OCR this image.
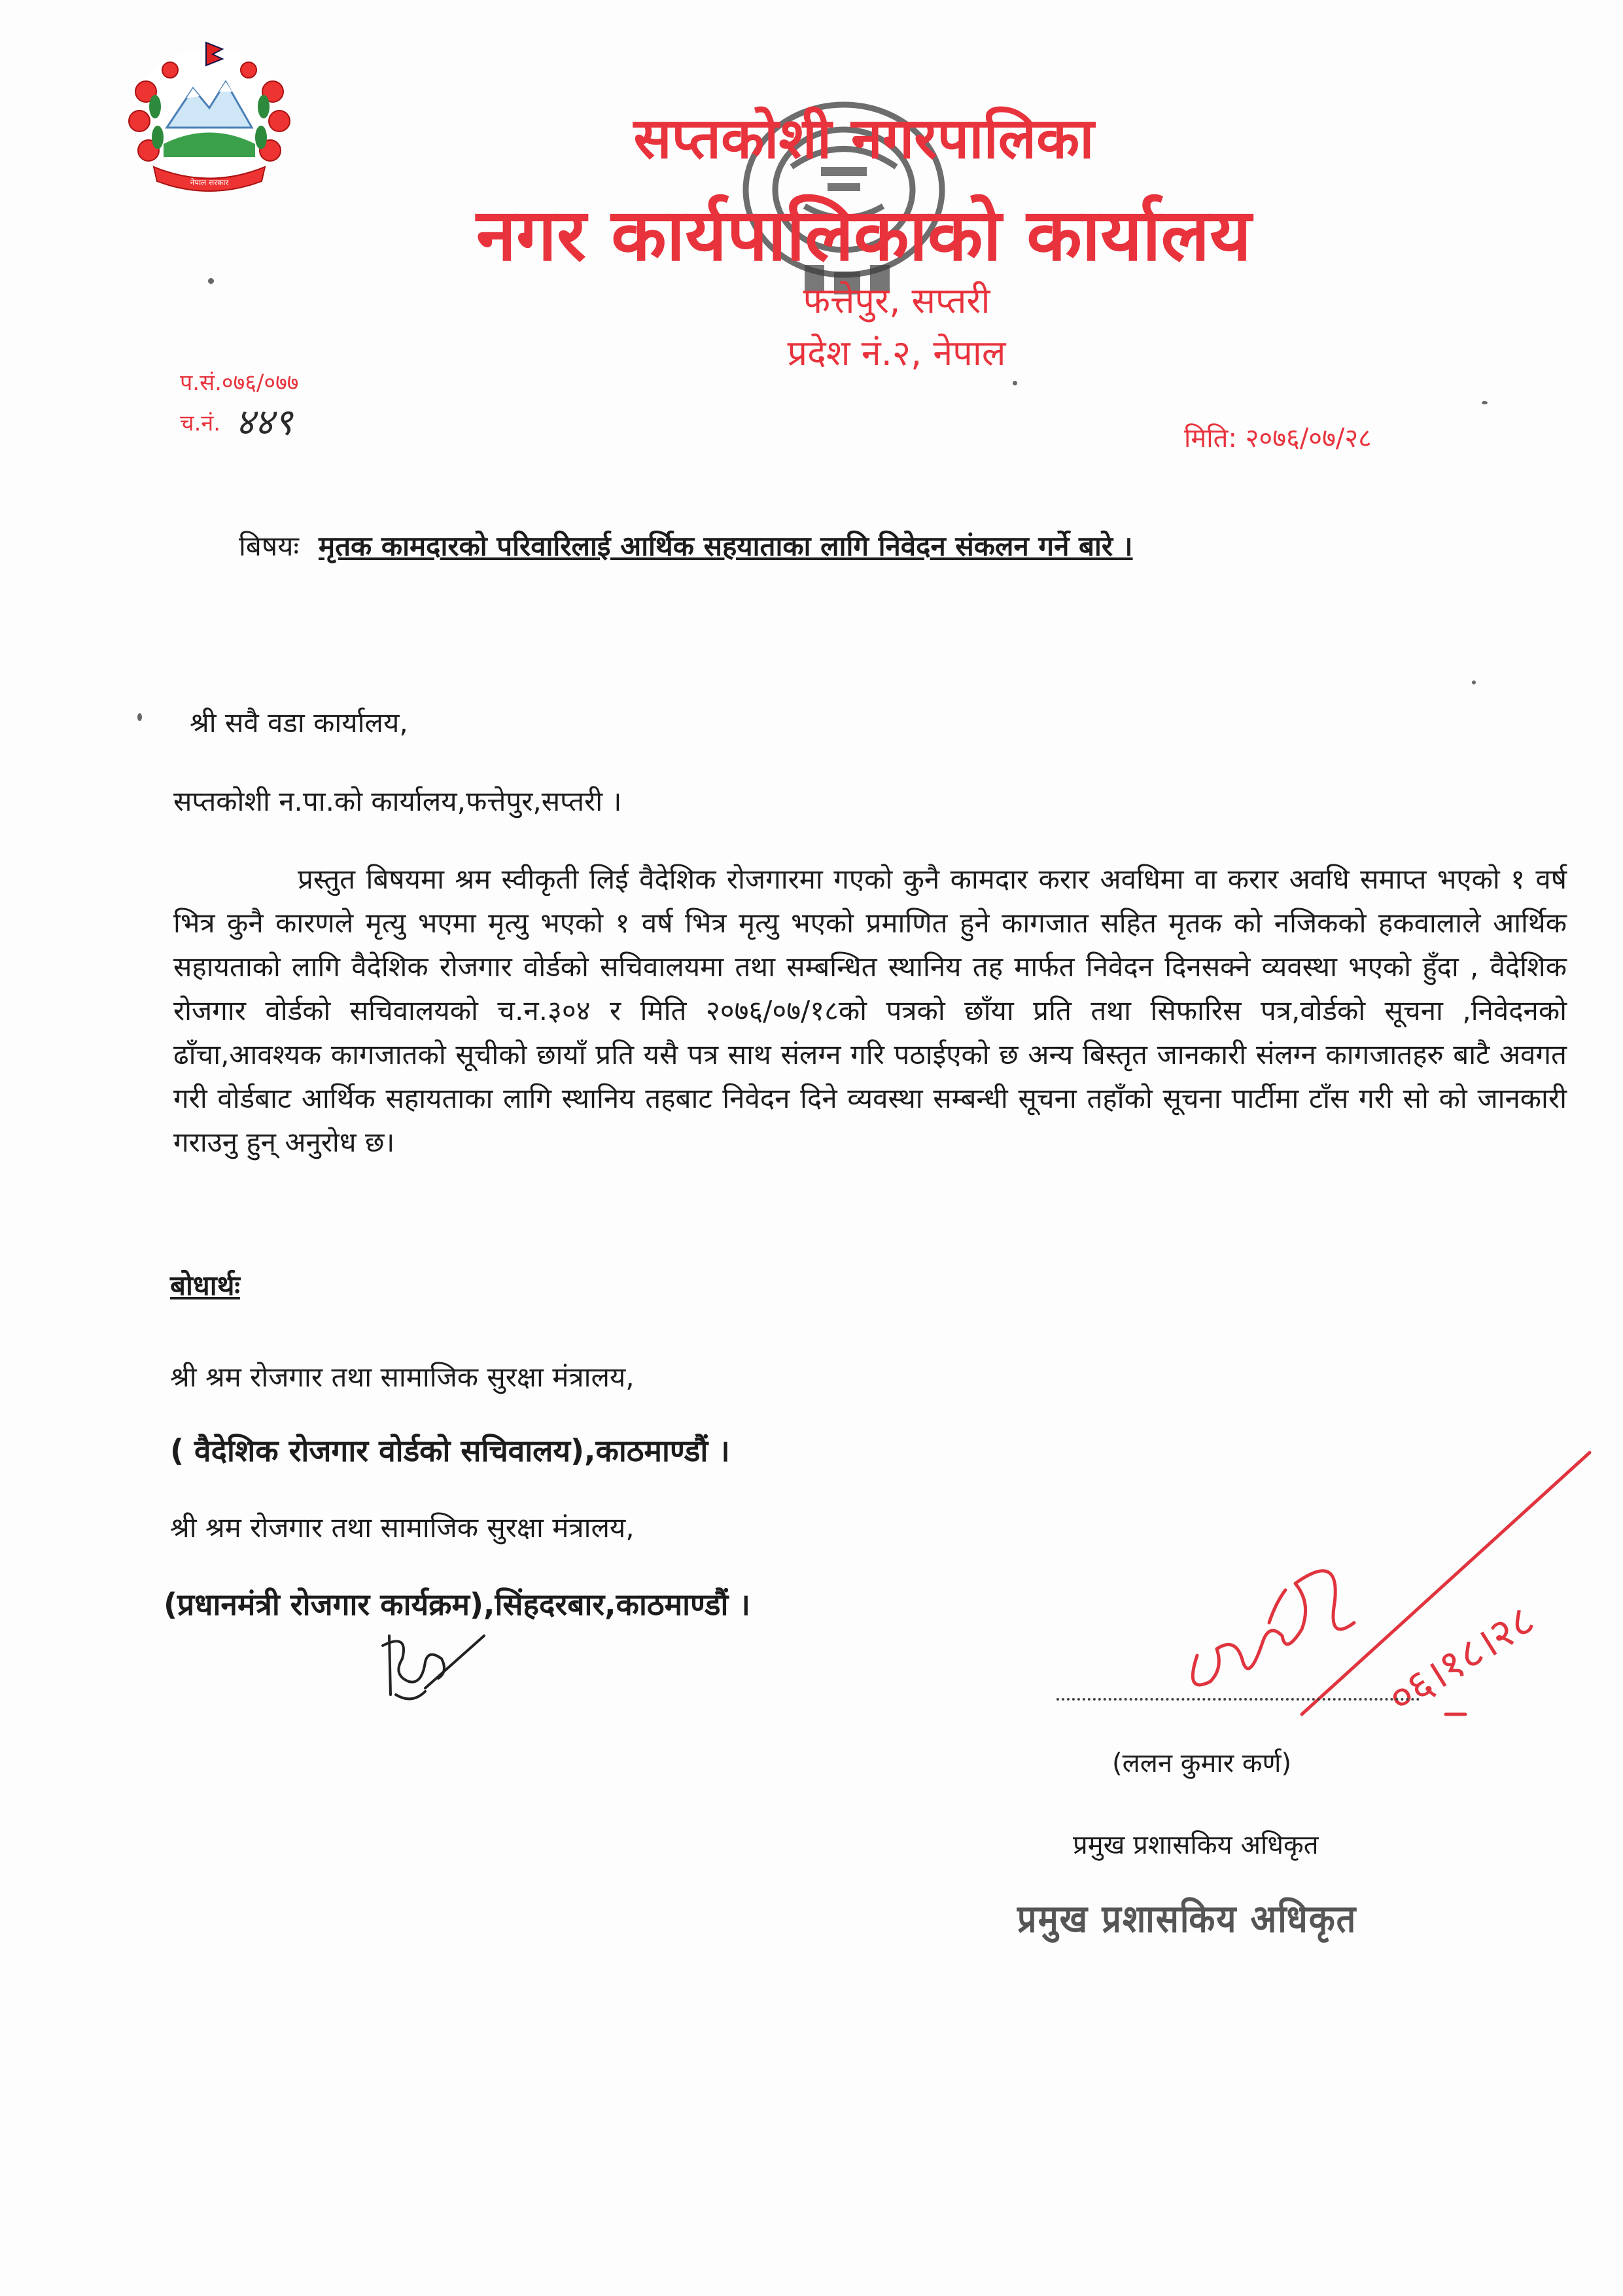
नेपाल सरकार
सप्तकोशी नगरपालिका
नगर कार्यपालिकाको कार्यालय
फत्तेपुर, सप्तरी
प्रदेश नं.२, नेपाल
प.सं.०७६/०७७
च.नं. ४४९	मिति: २०७६/०७/२८
बिषयः मृतक कामदारको परिवारिलाई आर्थिक सहयाताका लागि निवेदन संकलन गर्ने बारे ।
श्री सवै वडा कार्यालय,
सप्तकोशी न.पा.को कार्यालय,फत्तेपुर,सप्तरी ।
प्रस्तुत बिषयमा श्रम स्वीकृती लिई वैदेशिक रोजगारमा गएको कुनै कामदार करार अवधिमा वा करार अवधि समाप्त भएको १ वर्ष भित्र कुनै कारणले मृत्यु भएमा मृत्यु भएको १ वर्ष भित्र मृत्यु भएको प्रमाणित हुने कागजात सहित मृतक को नजिकको हकवालाले आर्थिक सहायताको लागि वैदेशिक रोजगार वोर्डको सचिवालयमा तथा सम्बन्धित स्थानिय तह मार्फत निवेदन दिनसक्ने व्यवस्था भएको हुँदा , वैदेशिक रोजगार वोर्डको सचिवालयको च.न.३०४ र मिति २०७६/०७/१८को पत्रको छाँया प्रति तथा सिफारिस पत्र,वोर्डको सूचना ,निवेदनको ढाँचा,आवश्यक कागजातको सूचीको छायाँ प्रति यसै पत्र साथ संलग्न गरि पठाईएको छ अन्य बिस्तृत जानकारी संलग्न कागजातहरु बाटै अवगत गरी वोर्डबाट आर्थिक सहायताका लागि स्थानिय तहबाट निवेदन दिने व्यवस्था सम्बन्धी सूचना तहाँको सूचना पार्टीमा टाँस गरी सो को जानकारी गराउनु हुन् अनुरोध छ।
बोधार्थः
श्री श्रम रोजगार तथा सामाजिक सुरक्षा मंत्रालय,
( वैदेशिक रोजगार वोर्डको सचिवालय),काठमाण्डौं ।
श्री श्रम रोजगार तथा सामाजिक सुरक्षा मंत्रालय,
(प्रधानमंत्री रोजगार कार्यक्रम),सिंहदरबार,काठमाण्डौं ।	०६।१८।२८
(ललन कुमार कर्ण)
प्रमुख प्रशासकिय अधिकृत
प्रमुख प्रशासकिय अधिकृत
